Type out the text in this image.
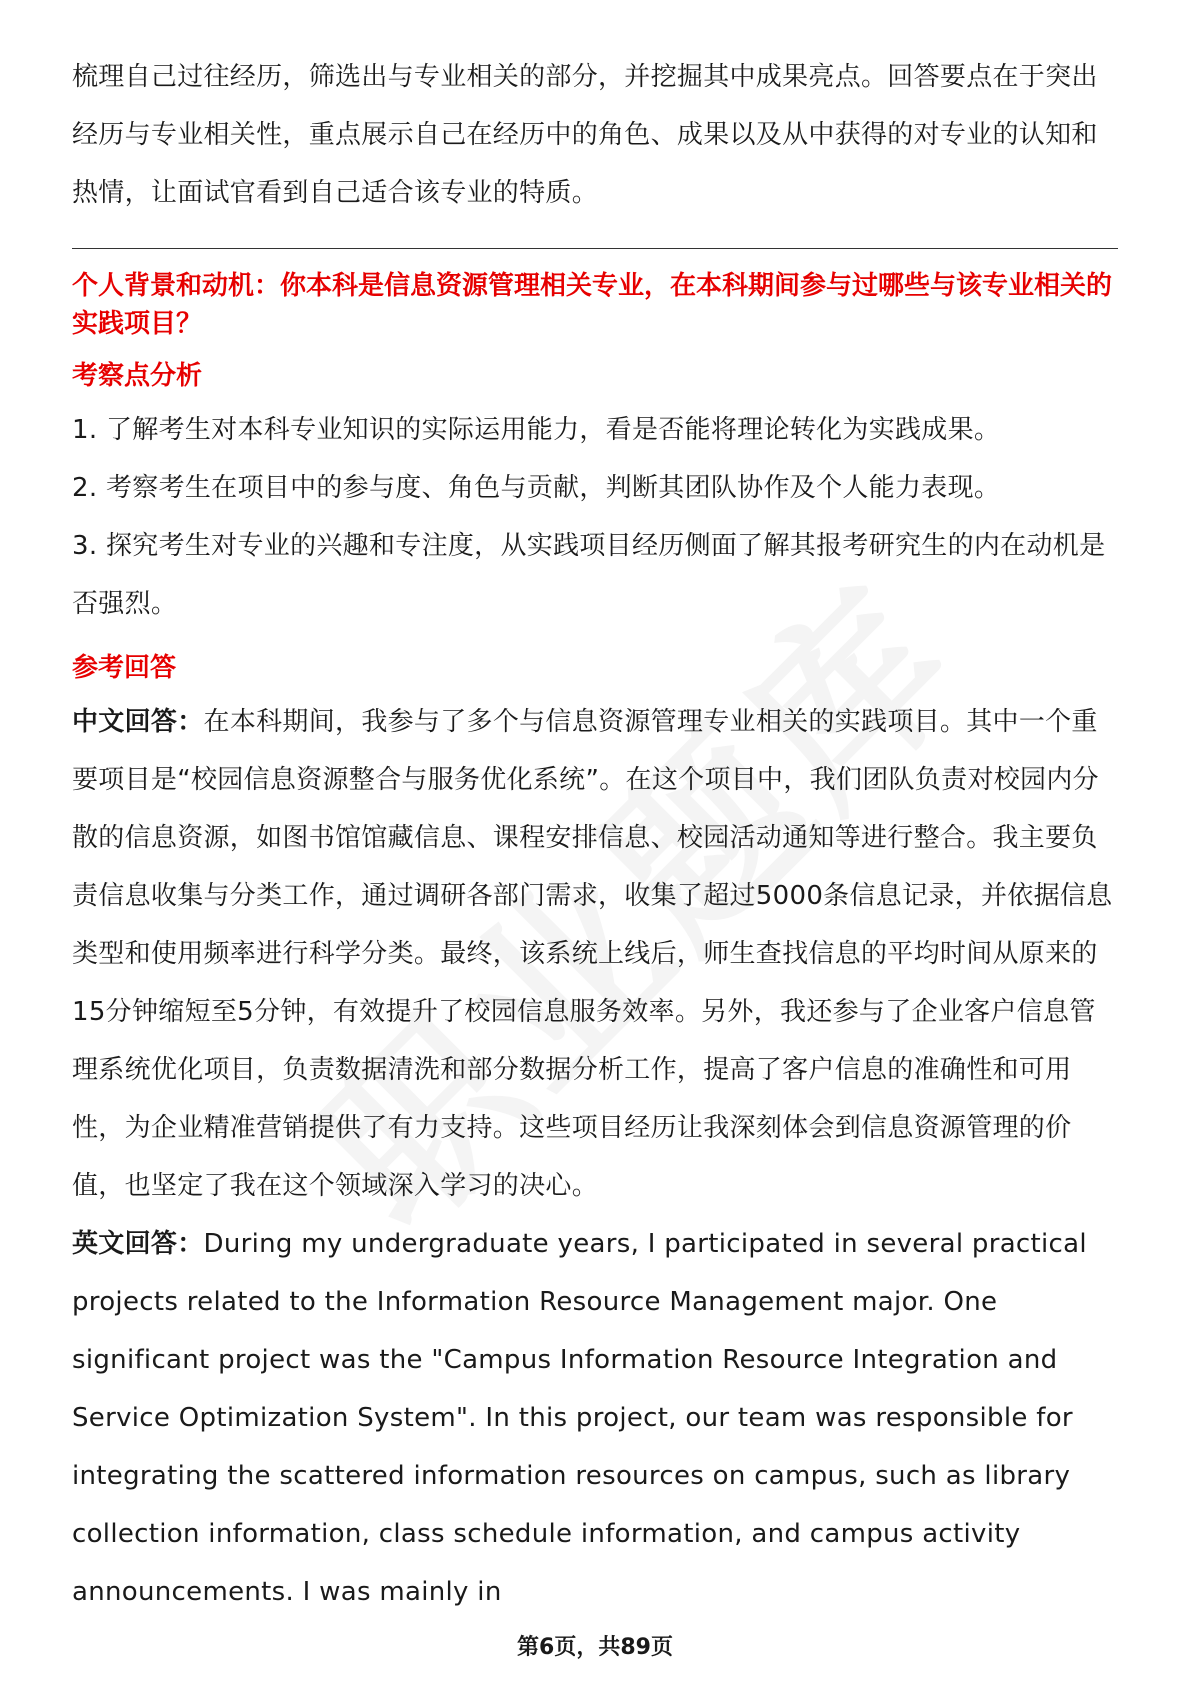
梳理自己过往经历，筛选出与专业相关的部分，并挖掘其中成果亮点。回答要点在于突出经历与专业相关性，重点展示自己在经历中的角色、成果以及从中获得的对专业的认知和热情，让面试官看到自己适合该专业的特质。

个人背景和动机：你本科是信息资源管理相关专业，在本科期间参与过哪些与该专业相关的实践项目？

考察点分析

1. 了解考生对本科专业知识的实际运用能力，看是否能将理论转化为实践成果。
2. 考察考生在项目中的参与度、角色与贡献，判断其团队协作及个人能力表现。
3. 探究考生对专业的兴趣和专注度，从实践项目经历侧面了解其报考研究生的内在动机是否强烈。

参考回答

中文回答：在本科期间，我参与了多个与信息资源管理专业相关的实践项目。其中一个重要项目是“校园信息资源整合与服务优化系统”。在这个项目中，我们团队负责对校园内分散的信息资源，如图书馆馆藏信息、课程安排信息、校园活动通知等进行整合。我主要负责信息收集与分类工作，通过调研各部门需求，收集了超过5000条信息记录，并依据信息类型和使用频率进行科学分类。最终，该系统上线后，师生查找信息的平均时间从原来的15分钟缩短至5分钟，有效提升了校园信息服务效率。另外，我还参与了企业客户信息管理系统优化项目，负责数据清洗和部分数据分析工作，提高了客户信息的准确性和可用性，为企业精准营销提供了有力支持。这些项目经历让我深刻体会到信息资源管理的价值，也坚定了我在这个领域深入学习的决心。

英文回答：During my undergraduate years, I participated in several practical projects related to the Information Resource Management major. One significant project was the "Campus Information Resource Integration and Service Optimization System". In this project, our team was responsible for integrating the scattered information resources on campus, such as library collection information, class schedule information, and campus activity announcements. I was mainly in

第6页，共89页
